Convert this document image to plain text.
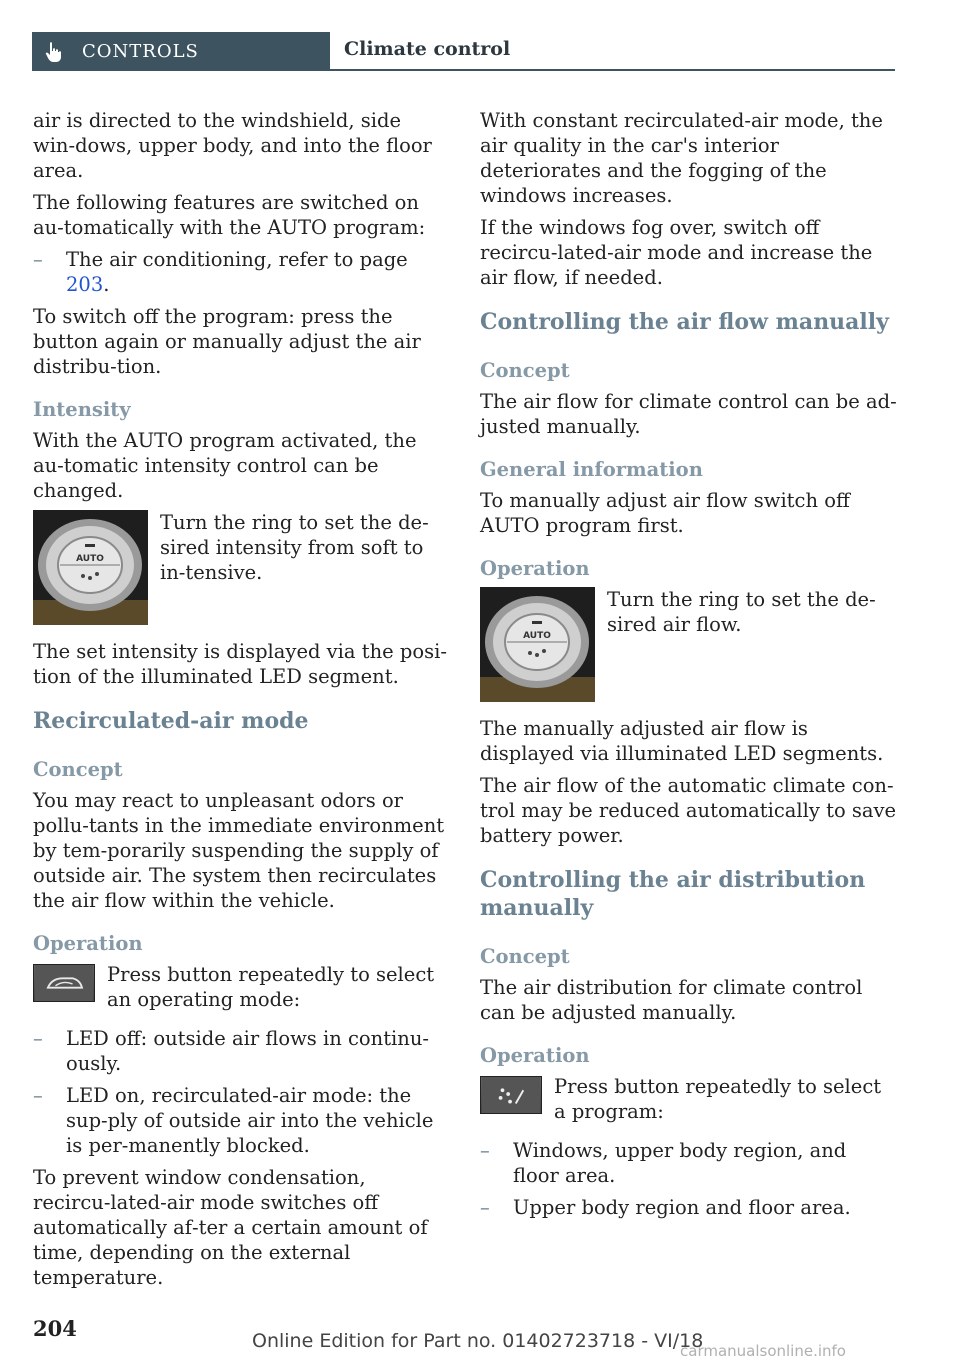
CONTROLS	Climate control

air is directed to the windshield, side win‐dows, upper body, and into the floor area.

The following features are switched on au‐tomatically with the AUTO program:

– The air conditioning, refer to page 203.

To switch off the program: press the button again or manually adjust the air distribu‐tion.

Intensity

With the AUTO program activated, the au‐tomatic intensity control can be changed.

AUTO

Turn the ring to set the de‐sired intensity from soft to in‐tensive.

The set intensity is displayed via the posi‐tion of the illuminated LED segment.

Recirculated-air mode
Concept

You may react to unpleasant odors or pollu‐tants in the immediate environment by tem‐porarily suspending the supply of outside air. The system then recirculates the air flow within the vehicle.

Operation

Press button repeatedly to select an operating mode:

– LED off: outside air flows in continu‐ously.
– LED on, recirculated-air mode: the sup‐ply of outside air into the vehicle is per‐manently blocked.

To prevent window condensation, recircu‐lated-air mode switches off automatically af‐ter a certain amount of time, depending on the external temperature.

With constant recirculated-air mode, the air quality in the car's interior deteriorates and the fogging of the windows increases.

If the windows fog over, switch off recircu‐lated-air mode and increase the air flow, if needed.

Controlling the air flow manually
Concept

The air flow for climate control can be ad‐justed manually.

General information

To manually adjust air flow switch off AUTO program first.

Operation
AUTO

Turn the ring to set the de‐sired air flow.

The manually adjusted air flow is displayed via illuminated LED segments.

The air flow of the automatic climate con‐trol may be reduced automatically to save battery power.

Controlling the air distribution manually
Concept

The air distribution for climate control can be adjusted manually.

Operation

Press button repeatedly to select a program:

– Windows, upper body region, and floor area.
– Upper body region and floor area.
204	Online Edition for Part no. 01402723718 - VI/18
carmanualsonline.info
